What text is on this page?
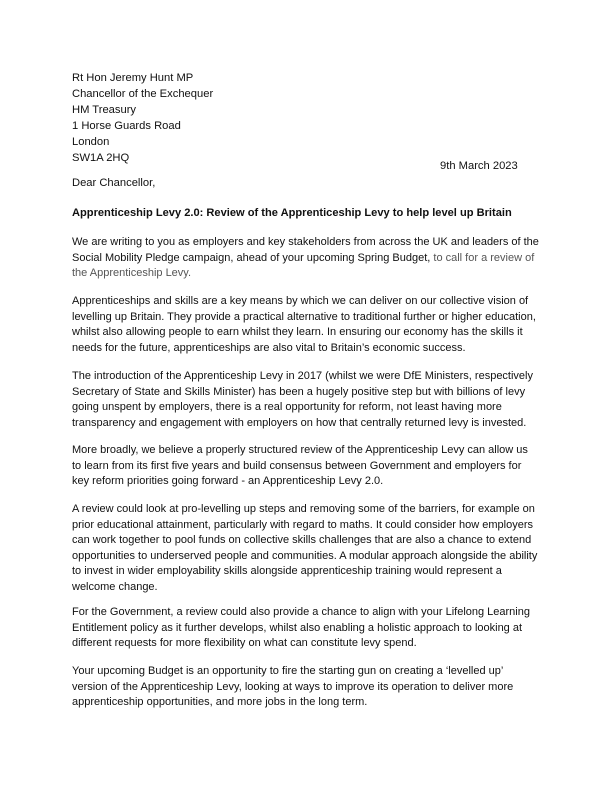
Rt Hon Jeremy Hunt MP
Chancellor of the Exchequer
HM Treasury
1 Horse Guards Road
London
SW1A 2HQ
9th March 2023
Dear Chancellor,
Apprenticeship Levy 2.0: Review of the Apprenticeship Levy to help level up Britain
We are writing to you as employers and key stakeholders from across the UK and leaders of the
Social Mobility Pledge campaign, ahead of your upcoming Spring Budget, to call for a review of
the Apprenticeship Levy.
Apprenticeships and skills are a key means by which we can deliver on our collective vision of
levelling up Britain. They provide a practical alternative to traditional further or higher education,
whilst also allowing people to earn whilst they learn. In ensuring our economy has the skills it
needs for the future, apprenticeships are also vital to Britain’s economic success.
The introduction of the Apprenticeship Levy in 2017 (whilst we were DfE Ministers, respectively
Secretary of State and Skills Minister) has been a hugely positive step but with billions of levy
going unspent by employers, there is a real opportunity for reform, not least having more
transparency and engagement with employers on how that centrally returned levy is invested.
More broadly, we believe a properly structured review of the Apprenticeship Levy can allow us
to learn from its first five years and build consensus between Government and employers for
key reform priorities going forward - an Apprenticeship Levy 2.0.
A review could look at pro-levelling up steps and removing some of the barriers, for example on
prior educational attainment, particularly with regard to maths. It could consider how employers
can work together to pool funds on collective skills challenges that are also a chance to extend
opportunities to underserved people and communities. A modular approach alongside the ability
to invest in wider employability skills alongside apprenticeship training would represent a
welcome change.
For the Government, a review could also provide a chance to align with your Lifelong Learning
Entitlement policy as it further develops, whilst also enabling a holistic approach to looking at
different requests for more flexibility on what can constitute levy spend.
Your upcoming Budget is an opportunity to fire the starting gun on creating a ‘levelled up’
version of the Apprenticeship Levy, looking at ways to improve its operation to deliver more
apprenticeship opportunities, and more jobs in the long term.
